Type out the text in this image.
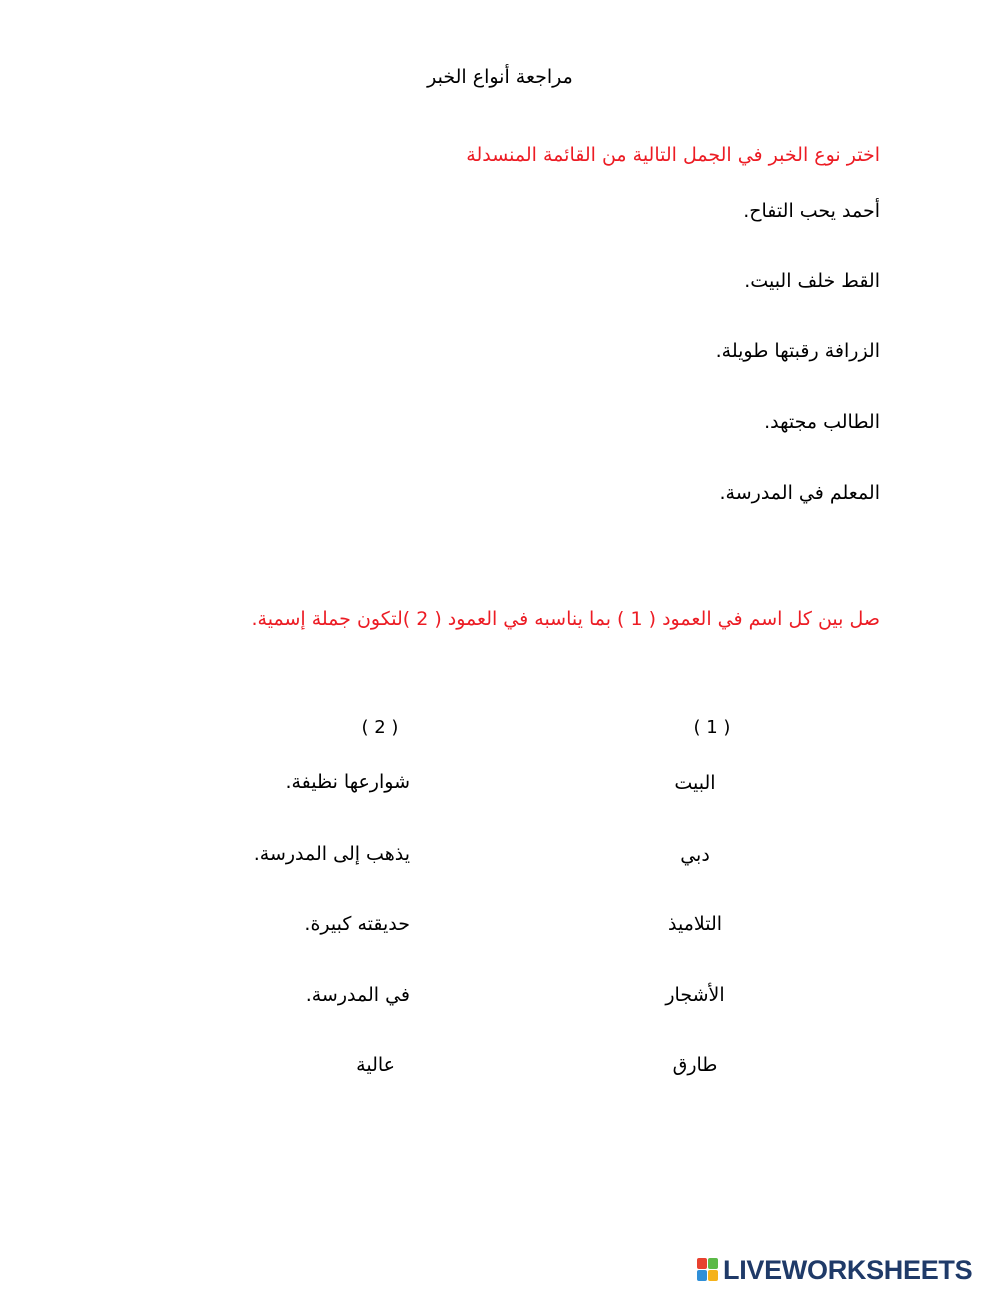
مراجعة أنواع الخبر
اختر نوع الخبر في الجمل التالية من القائمة المنسدلة
أحمد يحب التفاح.
القط خلف البيت.
الزرافة رقبتها طويلة.
الطالب مجتهد.
المعلم في المدرسة.
صل بين كل اسم في العمود ( 1 ) بما يناسبه في العمود ( 2 )لتكون جملة إسمية.
( 1 )
( 2 )
البيت
دبي
التلاميذ
الأشجار
طارق
شوارعها نظيفة.
يذهب إلى المدرسة.
حديقته كبيرة.
في المدرسة.
عالية
LIVEWORKSHEETS
